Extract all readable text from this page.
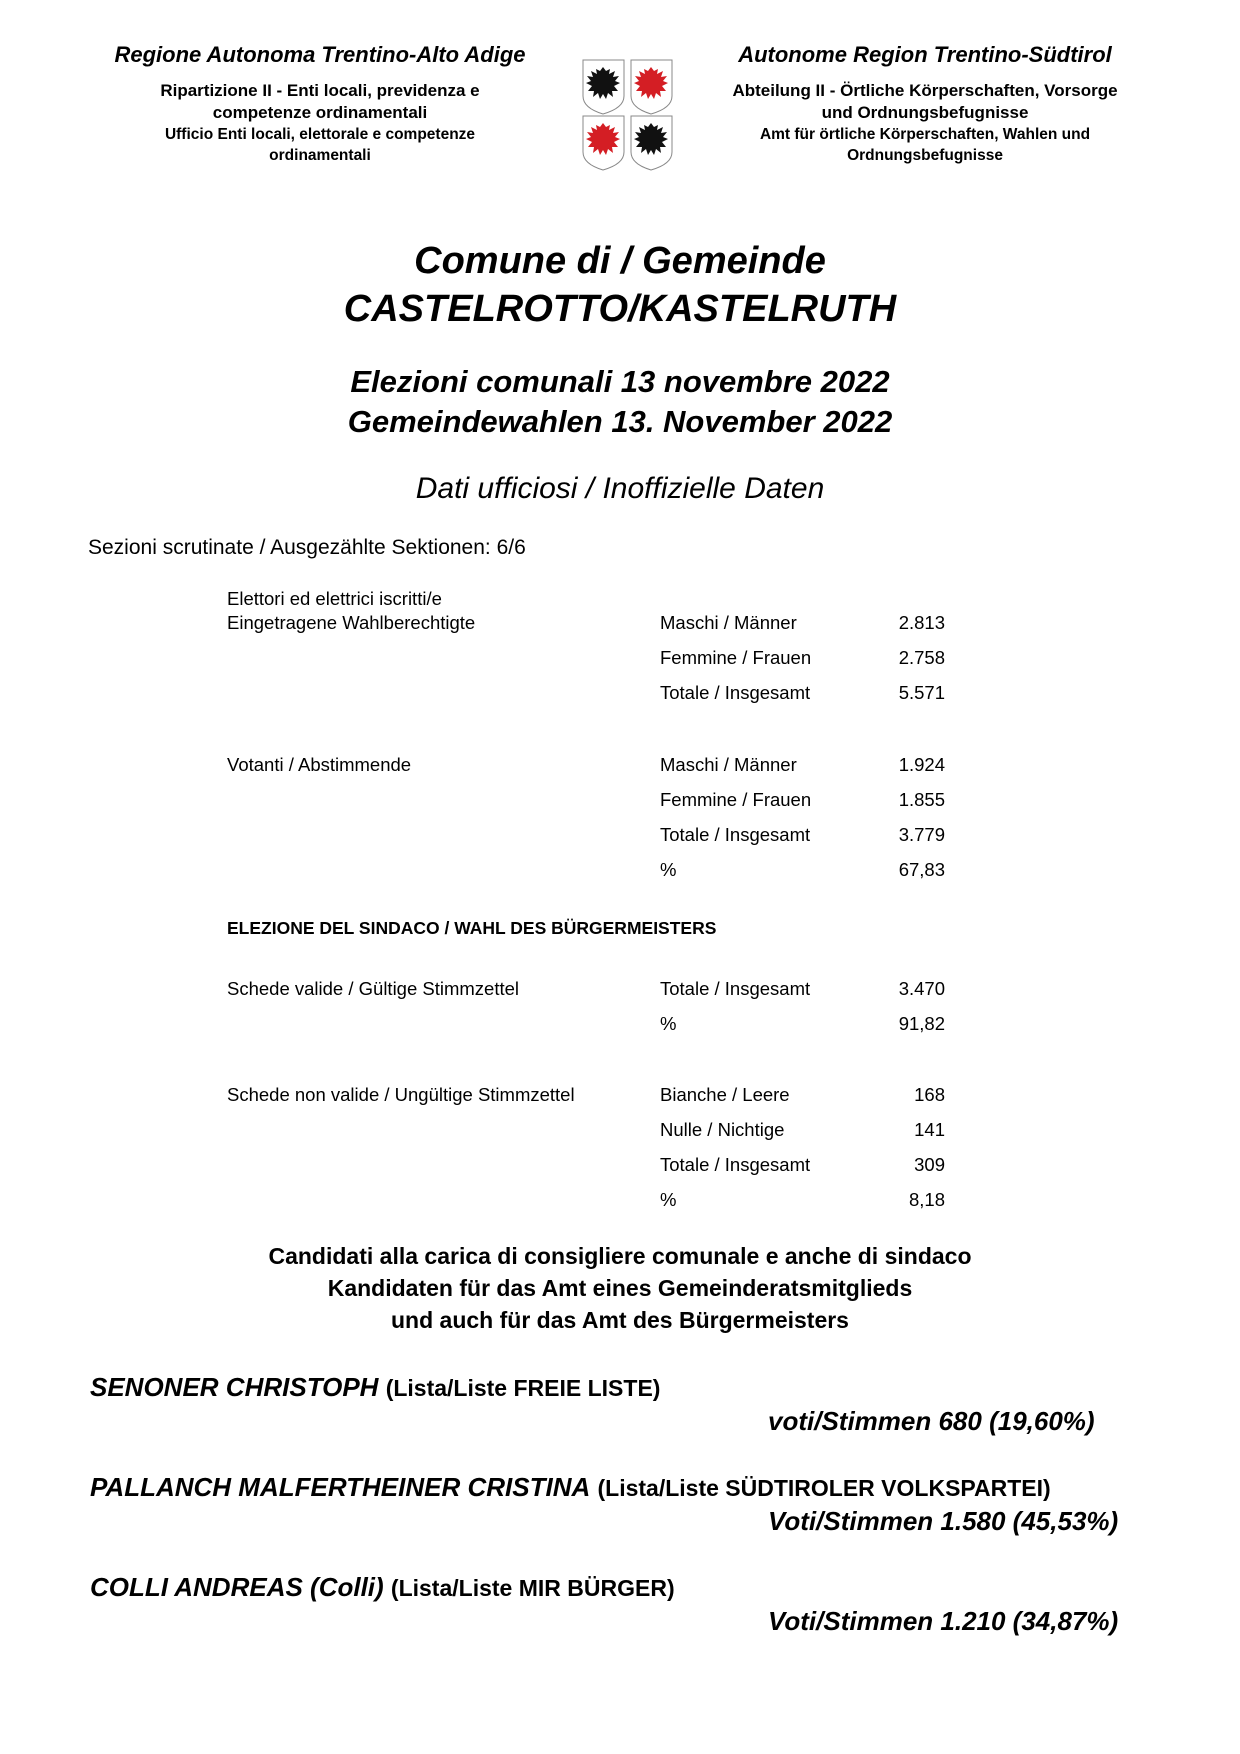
Regione Autonoma Trentino-Alto Adige
Ripartizione II - Enti locali, previdenza e
competenze ordinamentali
Ufficio Enti locali, elettorale e competenze
ordinamentali
Autonome Region Trentino-Südtirol
Abteilung II - Örtliche Körperschaften, Vorsorge
und Ordnungsbefugnisse
Amt für örtliche Körperschaften, Wahlen und
Ordnungsbefugnisse
Comune di / Gemeinde
CASTELROTTO/KASTELRUTH
Elezioni comunali 13 novembre 2022
Gemeindewahlen 13. November 2022
Dati ufficiosi / Inoffizielle Daten
Sezioni scrutinate / Ausgezählte Sektionen: 6/6
Elettori ed elettrici iscritti/e
Eingetragene Wahlberechtigte	Maschi / Männer	2.813
Femmine / Frauen	2.758
Totale / Insgesamt	5.571
Votanti / Abstimmende	Maschi / Männer	1.924
Femmine / Frauen	1.855
Totale / Insgesamt	3.779
%	67,83
ELEZIONE DEL SINDACO / WAHL DES BÜRGERMEISTERS
Schede valide / Gültige Stimmzettel	Totale / Insgesamt	3.470
%	91,82
Schede non valide / Ungültige Stimmzettel	Bianche / Leere	168
Nulle / Nichtige	141
Totale / Insgesamt	309
%	8,18
Candidati alla carica di consigliere comunale e anche di sindaco
Kandidaten für das Amt eines Gemeinderatsmitglieds
und auch für das Amt des Bürgermeisters
SENONER CHRISTOPH (Lista/Liste FREIE LISTE)
voti/Stimmen 680 (19,60%)
PALLANCH MALFERTHEINER CRISTINA (Lista/Liste SÜDTIROLER VOLKSPARTEI)
Voti/Stimmen 1.580 (45,53%)
COLLI ANDREAS (Colli) (Lista/Liste MIR BÜRGER)
Voti/Stimmen 1.210 (34,87%)
